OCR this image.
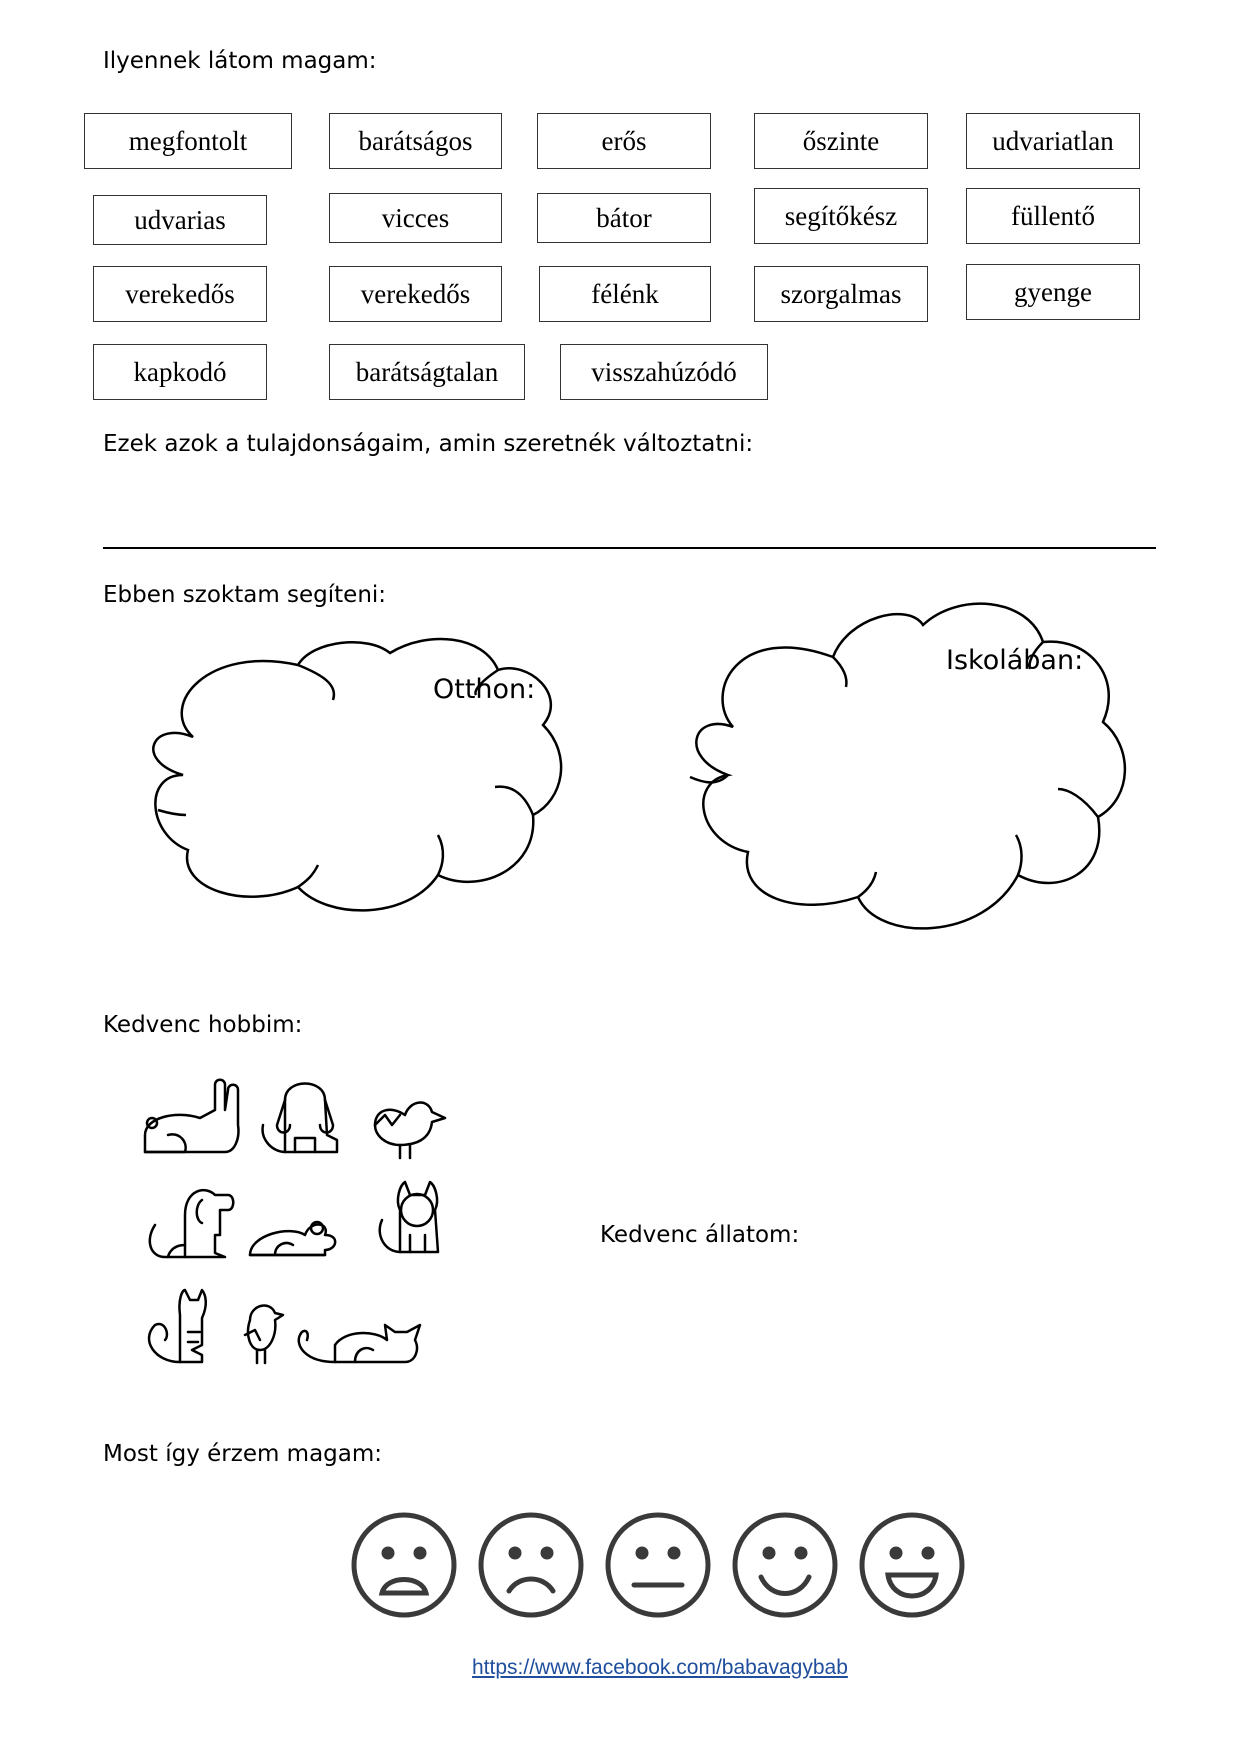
Ilyennek látom magam:
megfontolt	barátságos	erős	őszinte	udvariatlan
udvarias	vicces	bátor	segítőkész	füllentő
verekedős	verekedős	félénk	szorgalmas	gyenge
kapkodó	barátságtalan	visszahúzódó
Ezek azok a tulajdonságaim, amin szeretnék változtatni:
Ebben szoktam segíteni:
Otthon:
Iskolában:
Kedvenc hobbim:
Kedvenc állatom:
Most így érzem magam:
https://www.facebook.com/babavagybab
